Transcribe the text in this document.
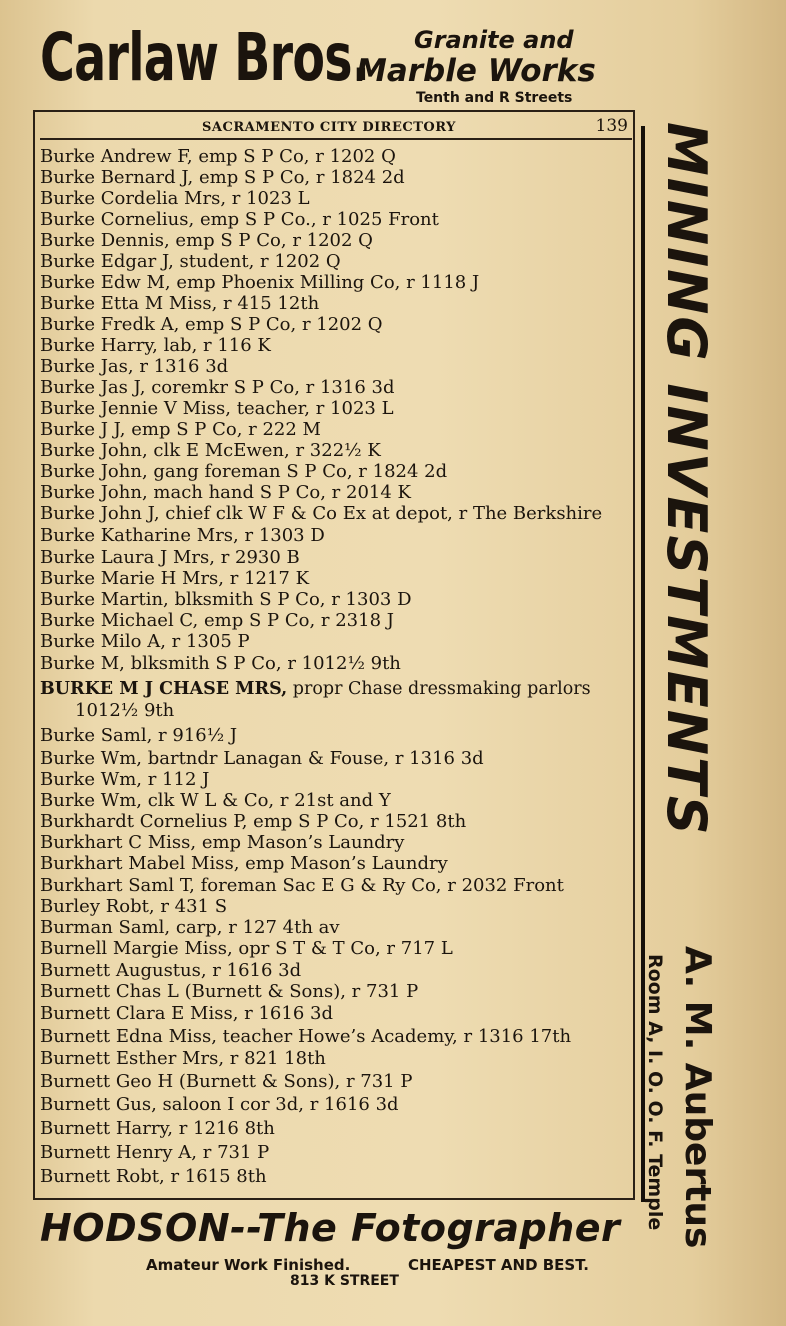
Carlaw Bros. Granite and
Marble Works
Tenth and R Streets
SACRAMENTO CITY DIRECTORY	139
Burke Andrew F, emp S P Co, r 1202 Q
Burke Bernard J, emp S P Co, r 1824 2d
Burke Cordelia Mrs, r 1023 L
Burke Cornelius, emp S P Co., r 1025 Front
Burke Dennis, emp S P Co, r 1202 Q
Burke Edgar J, student, r 1202 Q
Burke Edw M, emp Phoenix Milling Co, r 1118 J
Burke Etta M Miss, r 415 12th
Burke Fredk A, emp S P Co, r 1202 Q
Burke Harry, lab, r 116 K
Burke Jas, r 1316 3d
Burke Jas J, coremkr S P Co, r 1316 3d
Burke Jennie V Miss, teacher, r 1023 L
Burke J J, emp S P Co, r 222 M
Burke John, clk E McEwen, r 322½ K
Burke John, gang foreman S P Co, r 1824 2d
Burke John, mach hand S P Co, r 2014 K
Burke John J, chief clk W F & Co Ex at depot, r The Berkshire
Burke Katharine Mrs, r 1303 D
Burke Laura J Mrs, r 2930 B
Burke Marie H Mrs, r 1217 K
Burke Martin, blksmith S P Co, r 1303 D
Burke Michael C, emp S P Co, r 2318 J
Burke Milo A, r 1305 P
Burke M, blksmith S P Co, r 1012½ 9th
BURKE M J CHASE MRS, propr Chase dressmaking parlors
1012½ 9th
Burke Saml, r 916½ J
Burke Wm, bartndr Lanagan & Fouse, r 1316 3d
Burke Wm, r 112 J
Burke Wm, clk W L & Co, r 21st and Y
Burkhardt Cornelius P, emp S P Co, r 1521 8th
Burkhart C Miss, emp Mason’s Laundry
Burkhart Mabel Miss, emp Mason’s Laundry
Burkhart Saml T, foreman Sac E G & Ry Co, r 2032 Front
Burley Robt, r 431 S
Burman Saml, carp, r 127 4th av
Burnell Margie Miss, opr S T & T Co, r 717 L
Burnett Augustus, r 1616 3d
Burnett Chas L (Burnett & Sons), r 731 P
Burnett Clara E Miss, r 1616 3d
Burnett Edna Miss, teacher Howe’s Academy, r 1316 17th
Burnett Esther Mrs, r 821 18th
Burnett Geo H (Burnett & Sons), r 731 P
Burnett Gus, saloon I cor 3d, r 1616 3d
Burnett Harry, r 1216 8th
Burnett Henry A, r 731 P
Burnett Robt, r 1615 8th
MINING INVESTMENTS
A. M. Aubertus
Room A, I. O. O. F. Temple
HODSON--The Fotographer
Amateur Work Finished.	CHEAPEST AND BEST.
813 K STREET
